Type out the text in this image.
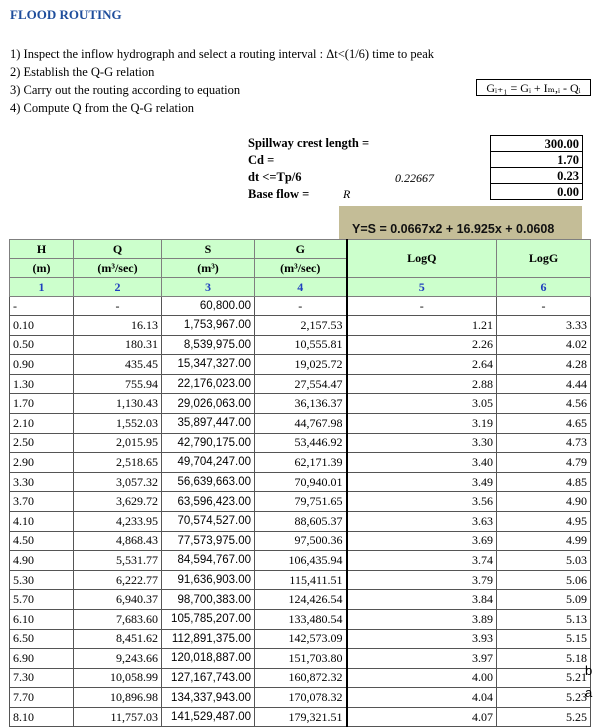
FLOOD ROUTING
1) Inspect the inflow hydrograph and select a routing interval : Δt<(1/6) time to peak
2) Establish the Q-G relation
3) Carry out the routing according to equation
4) Compute Q from the Q-G relation
Gᵢ₊₁ = Gᵢ + Iₘ,ᵢ - Qᵢ
Spillway crest length =	300.00
Cd =	1.70
dt <=Tp/6	0.22667	0.23
Base flow =	R	0.00
Y=S = 0.0667x2 + 16.925x + 0.0608
H	Q	S	G	LogQ	LogG
(m)	(m³/sec)	(m³)	(m³/sec)		
1	2	3	4	5	6
-	-	60,800.00	-	-	-
0.10	16.13	1,753,967.00	2,157.53	1.21	3.33
0.50	180.31	8,539,975.00	10,555.81	2.26	4.02
0.90	435.45	15,347,327.00	19,025.72	2.64	4.28
1.30	755.94	22,176,023.00	27,554.47	2.88	4.44
1.70	1,130.43	29,026,063.00	36,136.37	3.05	4.56
2.10	1,552.03	35,897,447.00	44,767.98	3.19	4.65
2.50	2,015.95	42,790,175.00	53,446.92	3.30	4.73
2.90	2,518.65	49,704,247.00	62,171.39	3.40	4.79
3.30	3,057.32	56,639,663.00	70,940.01	3.49	4.85
3.70	3,629.72	63,596,423.00	79,751.65	3.56	4.90
4.10	4,233.95	70,574,527.00	88,605.37	3.63	4.95
4.50	4,868.43	77,573,975.00	97,500.36	3.69	4.99
4.90	5,531.77	84,594,767.00	106,435.94	3.74	5.03
5.30	6,222.77	91,636,903.00	115,411.51	3.79	5.06
5.70	6,940.37	98,700,383.00	124,426.54	3.84	5.09
6.10	7,683.60	105,785,207.00	133,480.54	3.89	5.13
6.50	8,451.62	112,891,375.00	142,573.09	3.93	5.15
6.90	9,243.66	120,018,887.00	151,703.80	3.97	5.18
7.30	10,058.99	127,167,743.00	160,872.32	4.00	5.21
7.70	10,896.98	134,337,943.00	170,078.32	4.04	5.23
8.10	11,757.03	141,529,487.00	179,321.51	4.07	5.25
b
a
